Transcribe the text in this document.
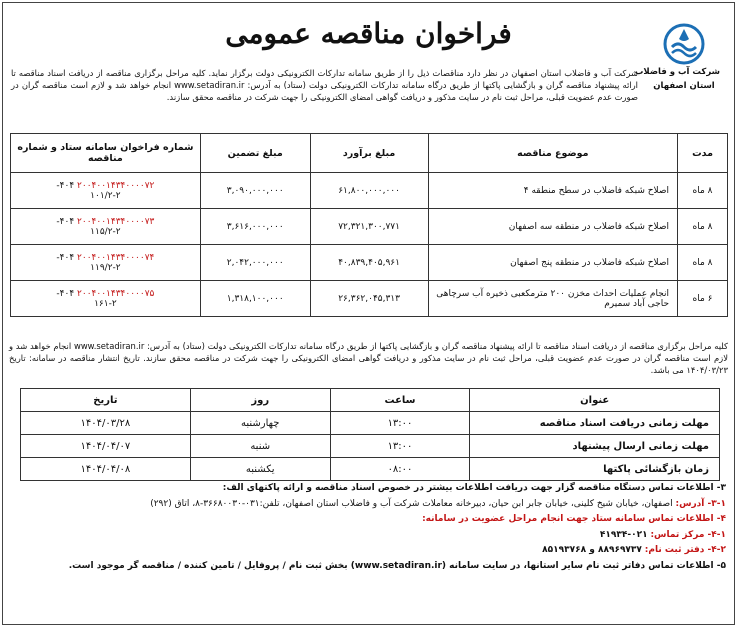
شرکت آب و فاضلاب
استان اصفهان
فراخوان مناقصه عمومی
شرکت آب و فاضلاب استان اصفهان در نظر دارد مناقصات ذیل را از طریق سامانه تدارکات الکترونیکی دولت برگزار نماید. کلیه مراحل برگزاری مناقصه از دریافت اسناد مناقصه تا ارائه پیشنهاد مناقصه گران و بازگشایی پاکتها از طریق درگاه سامانه تدارکات الکترونیکی دولت (ستاد) به آدرس: www.setadiran.ir انجام خواهد شد و لازم است مناقصه گران در صورت عدم عضویت قبلی، مراحل ثبت نام در سایت مذکور و دریافت گواهی امضای الکترونیکی را جهت شرکت در مناقصه محقق سازند.
مدت	موضوع مناقصه	مبلغ برآورد	مبلغ تضمین	شماره فراخوان سامانه ستاد و شماره مناقصه
۸ ماه	اصلاح شبکه فاضلاب در سطح منطقه ۴	۶۱,۸۰۰,۰۰۰,۰۰۰	۳,۰۹۰,۰۰۰,۰۰۰	-۴۰۴ ۲۰۰۴۰۰۱۴۳۴۰۰۰۰۷۲
۱۰۱/۲-۲
۸ ماه	اصلاح شبکه فاضلاب در منطقه سه اصفهان	۷۲,۳۲۱,۳۰۰,۷۷۱	۳,۶۱۶,۰۰۰,۰۰۰	-۴۰۴ ۲۰۰۴۰۰۱۴۳۴۰۰۰۰۷۳
۱۱۵/۲-۲
۸ ماه	اصلاح شبکه فاضلاب در منطقه پنج اصفهان	۴۰,۸۳۹,۴۰۵,۹۶۱	۲,۰۴۲,۰۰۰,۰۰۰	-۴۰۴ ۲۰۰۴۰۰۱۴۳۴۰۰۰۰۷۴
۱۱۹/۲-۲
۶ ماه	انجام عملیات احداث مخزن ۲۰۰ مترمکعبی ذخیره آب سرچاهی حاجی آباد سمیرم	۲۶,۳۶۲,۰۴۵,۳۱۳	۱,۳۱۸,۱۰۰,۰۰۰	-۴۰۴ ۲۰۰۴۰۰۱۴۳۴۰۰۰۰۷۵
۱۶۱-۲
کلیه مراحل برگزاری مناقصه از دریافت اسناد مناقصه تا ارائه پیشنهاد مناقصه گران و بازگشایی پاکتها از طریق درگاه سامانه تدارکات الکترونیکی دولت (ستاد) به آدرس: www.setadiran.ir انجام خواهد شد و لازم است مناقصه گران در صورت عدم عضویت قبلی، مراحل ثبت نام در سایت مذکور و دریافت گواهی امضای الکترونیکی را جهت شرکت در مناقصه محقق سازند. تاریخ انتشار مناقصه در سامانه: تاریخ ۱۴۰۴/۰۳/۲۳ می باشد.
عنوان	ساعت	روز	تاریخ
مهلت زمانی دریافت اسناد مناقصه	۱۳:۰۰	چهارشنبه	۱۴۰۴/۰۳/۲۸
مهلت زمانی ارسال پیشنهاد	۱۳:۰۰	شنبه	۱۴۰۴/۰۴/۰۷
زمان بازگشائی پاکتها	۰۸:۰۰	یکشنبه	۱۴۰۴/۰۴/۰۸
۳- اطلاعات تماس دستگاه مناقصه گزار جهت دریافت اطلاعات بیشتر در خصوص اسناد مناقصه و ارائه پاکتهای الف:
۳-۱- آدرس: اصفهان، خیابان شیخ کلینی، خیابان جابر ابن حیان، دبیرخانه معاملات شرکت آب و فاضلاب استان اصفهان، تلفن:۰۳۱-۳۶۶۸۰۰۳۰-۸، اتاق (۲۹۲)
۴- اطلاعات تماس سامانه ستاد جهت انجام مراحل عضویت در سامانه:
۴-۱- مرکز تماس: ۰۲۱-۴۱۹۳۴
۴-۲- دفتر ثبت نام: ۸۸۹۶۹۷۳۷ و ۸۵۱۹۳۷۶۸
۵- اطلاعات تماس دفاتر ثبت نام سایر استانها، در سایت سامانه (www.setadiran.ir) بخش ثبت نام / پروفایل / تامین کننده / مناقصه گر موجود است.
